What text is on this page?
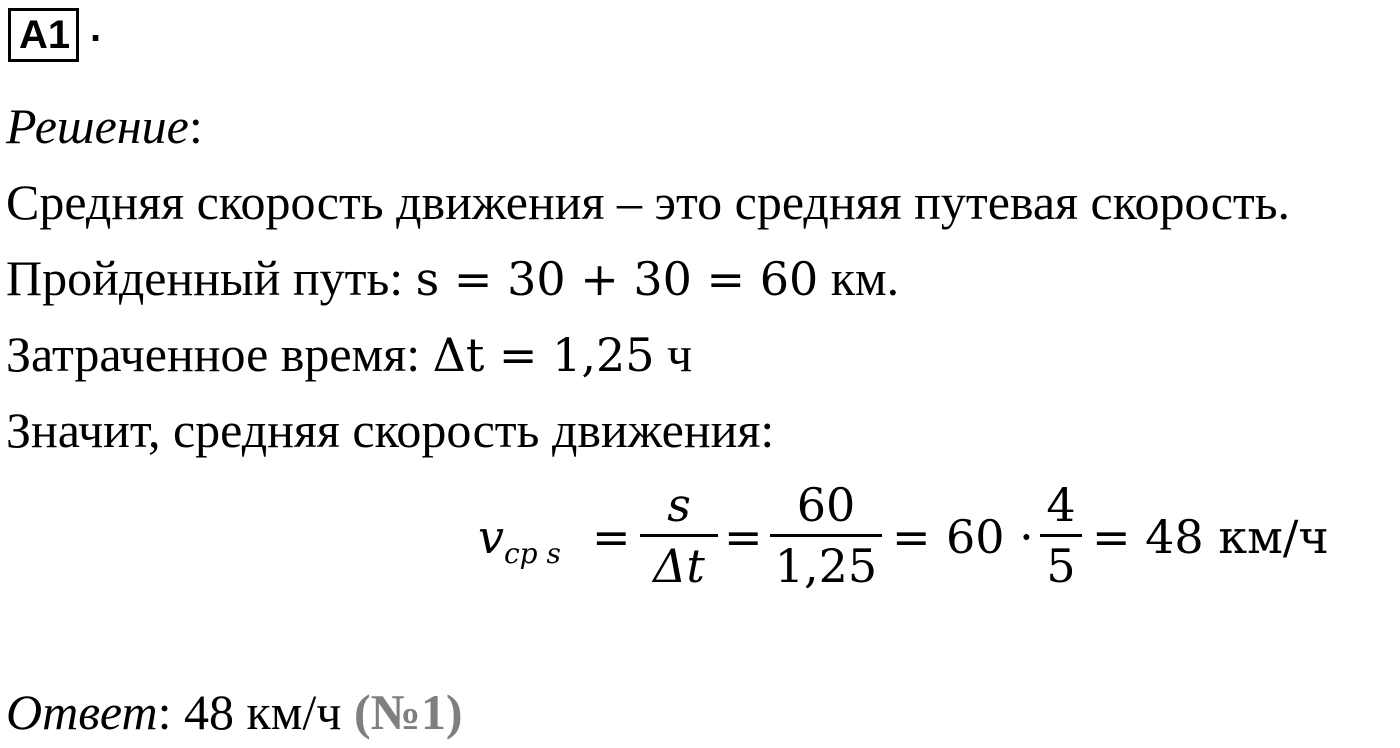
A1 .
Решение:
Средняя скорость движения – это средняя путевая скорость.
Пройденный путь: s = 30 + 30 = 60 км.
Затраченное время: Δt = 1,25 ч
Значит, средняя скорость движения:
$v_{cp s}$ =
s
Δt
=
60
1,25
= 60 ·
4
5
= 48 км/ч
Ответ: 48 км/ч (№1)
